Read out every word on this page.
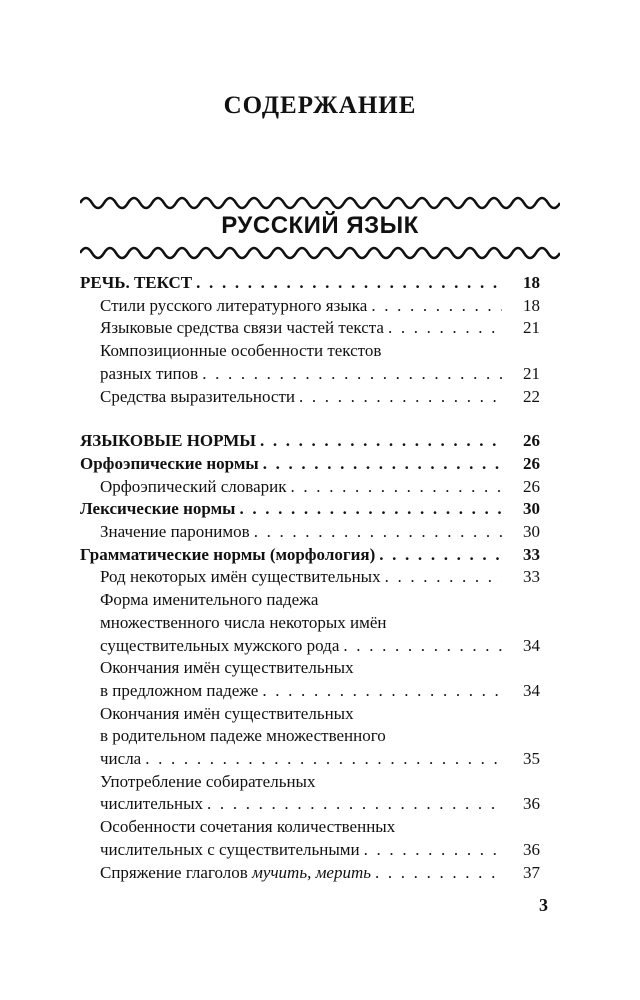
СОДЕРЖАНИЕ
РУССКИЙ ЯЗЫК
РЕЧЬ. ТЕКСТ . . .	18
Стили русского литературного языка . . .	18
Языковые средства связи частей текста . . .	21
Композиционные особенности текстов
разных типов . . .	21
Средства выразительности . . .	22
ЯЗЫКОВЫЕ НОРМЫ . . .	26
Орфоэпические нормы . . .	26
Орфоэпический словарик . . .	26
Лексические нормы . . .	30
Значение паронимов . . .	30
Грамматические нормы (морфология) . . .	33
Род некоторых имён существительных . . .	33
Форма именительного падежа
множественного числа некоторых имён
существительных мужского рода . . .	34
Окончания имён существительных
в предложном падеже . . .	34
Окончания имён существительных
в родительном падеже множественного
числа . . .	35
Употребление собирательных
числительных . . .	36
Особенности сочетания количественных
числительных с существительными . . .	36
Спряжение глаголов мучить, мерить . . .	37
3
